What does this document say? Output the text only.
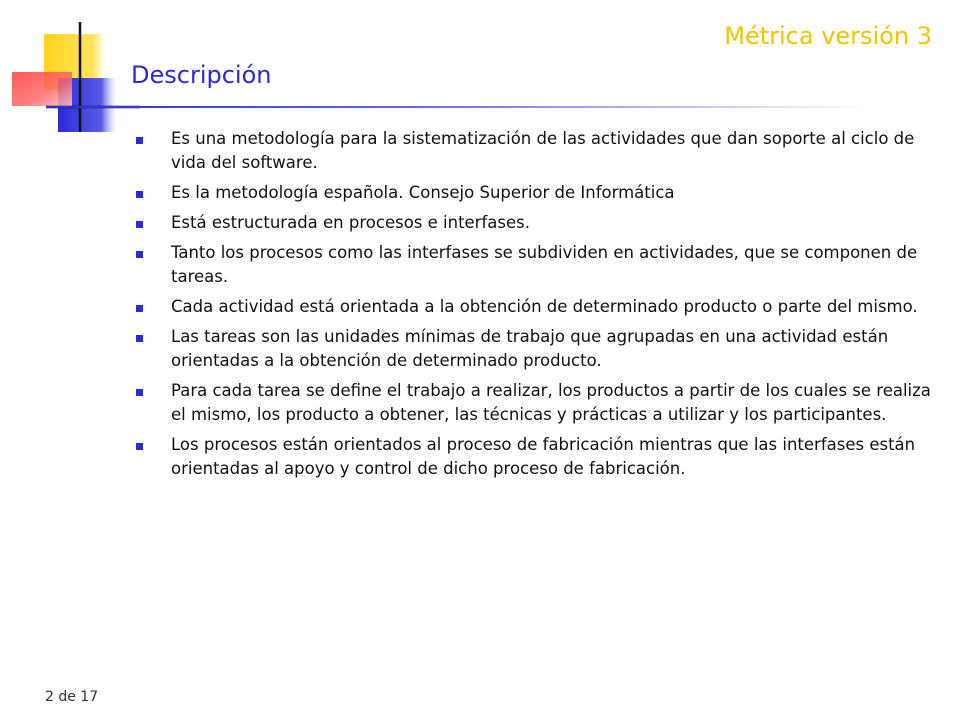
Métrica versión 3
Descripción
Es una metodología para la sistematización de las actividades que dan soporte al ciclo de vida del software.
Es la metodología española. Consejo Superior de Informática
Está estructurada en procesos e interfases.
Tanto los procesos como las interfases se subdividen en actividades, que se componen de tareas.
Cada actividad está orientada a la obtención de determinado producto o parte del mismo.
Las tareas son las unidades mínimas de trabajo que agrupadas en una actividad están orientadas a la obtención de determinado producto.
Para cada tarea se define el trabajo a realizar, los productos a partir de los cuales se realiza el mismo, los producto a obtener, las técnicas y prácticas a utilizar y los participantes.
Los procesos están orientados al proceso de fabricación mientras que las interfases están orientadas al apoyo y control de dicho proceso de fabricación.
2 de 17
